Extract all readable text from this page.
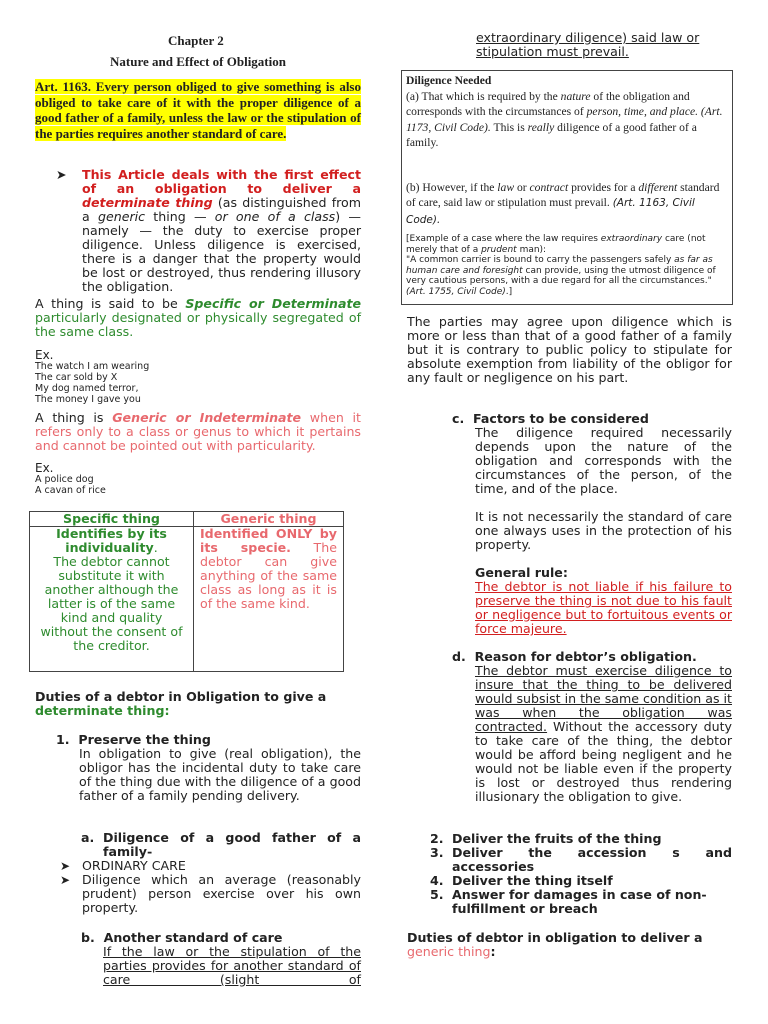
Chapter 2
Nature and Effect of Obligation
Art. 1163. Every person obliged to give something is also obliged to take care of it with the proper diligence of a good father of a family, unless the law or the stipulation of the parties requires another standard of care.
➤	This Article deals with the first effect of an obligation to deliver a determinate thing (as distinguished from a generic thing — or one of a class) — namely — the duty to exercise proper diligence. Unless diligence is exercised, there is a danger that the property would be lost or destroyed, thus rendering illusory the obligation.

A thing is said to be Specific or Determinate particularly designated or physically segregated of the same class.
Ex.
The watch I am wearing
The car sold by X
My dog named terror,
The money I gave you
A thing is Generic or Indeterminate when it refers only to a class or genus to which it pertains and cannot be pointed out with particularity.
Ex.
A police dog
A cavan of rice
Specific thing	Generic thing
Identifies by its individuality.
The debtor cannot substitute it with another although the latter is of the same kind and quality without the consent of the creditor.	Identified ONLY by its specie. The debtor can give anything of the same class as long as it is of the same kind.
Duties of a debtor in Obligation to give a
determinate thing:
1. Preserve the thing

In obligation to give (real obligation), the obligor has the incidental duty to take care of the thing due with the diligence of a good father of a family pending delivery.

a. Diligence of a good father of a family-

➤ ORDINARY CARE
➤ Diligence which an average (reasonably prudent) person exercise over his own property.

b. Another standard of care

If the law or the stipulation of the parties provides for another standard of care (slight of

extraordinary diligence) said law or
stipulation must prevail.
Diligence Needed

(a) That which is required by the nature of the obligation and corresponds with the circumstances of person, time, and place. (Art. 1173, Civil Code). This is really diligence of a good father of a family.

(b) However, if the law or contract provides for a different standard of care, said law or stipulation must prevail. (Art. 1163, Civil Code).

[Example of a case where the law requires extraordinary care (not merely that of a prudent man):
"A common carrier is bound to carry the passengers safely as far as human care and foresight can provide, using the utmost diligence of very cautious persons, with a due regard for all the circumstances." (Art. 1755, Civil Code).]

The parties may agree upon diligence which is more or less than that of a good father of a family but it is contrary to public policy to stipulate for absolute exemption from liability of the obligor for any fault or negligence on his part.
c. Factors to be considered

The diligence required necessarily depends upon the nature of the obligation and corresponds with the circumstances of the person, of the time, and of the place.

It is not necessarily the standard of care one always uses in the protection of his property.

General rule:

The debtor is not liable if his failure to preserve the thing is not due to his fault or negligence but to fortuitous events or force majeure.

d. Reason for debtor’s obligation.

The debtor must exercise diligence to insure that the thing to be delivered would subsist in the same condition as it was when the obligation was contracted. Without the accessory duty to take care of the thing, the debtor would be afford being negligent and he would not be liable even if the property is lost or destroyed thus rendering illusionary the obligation to give.

2. Deliver the fruits of the thing
3. Deliver the accession s and accessories
4. Deliver the thing itself
5. Answer for damages in case of non-fulfillment or breach
Duties of debtor in obligation to deliver a
generic thing:
